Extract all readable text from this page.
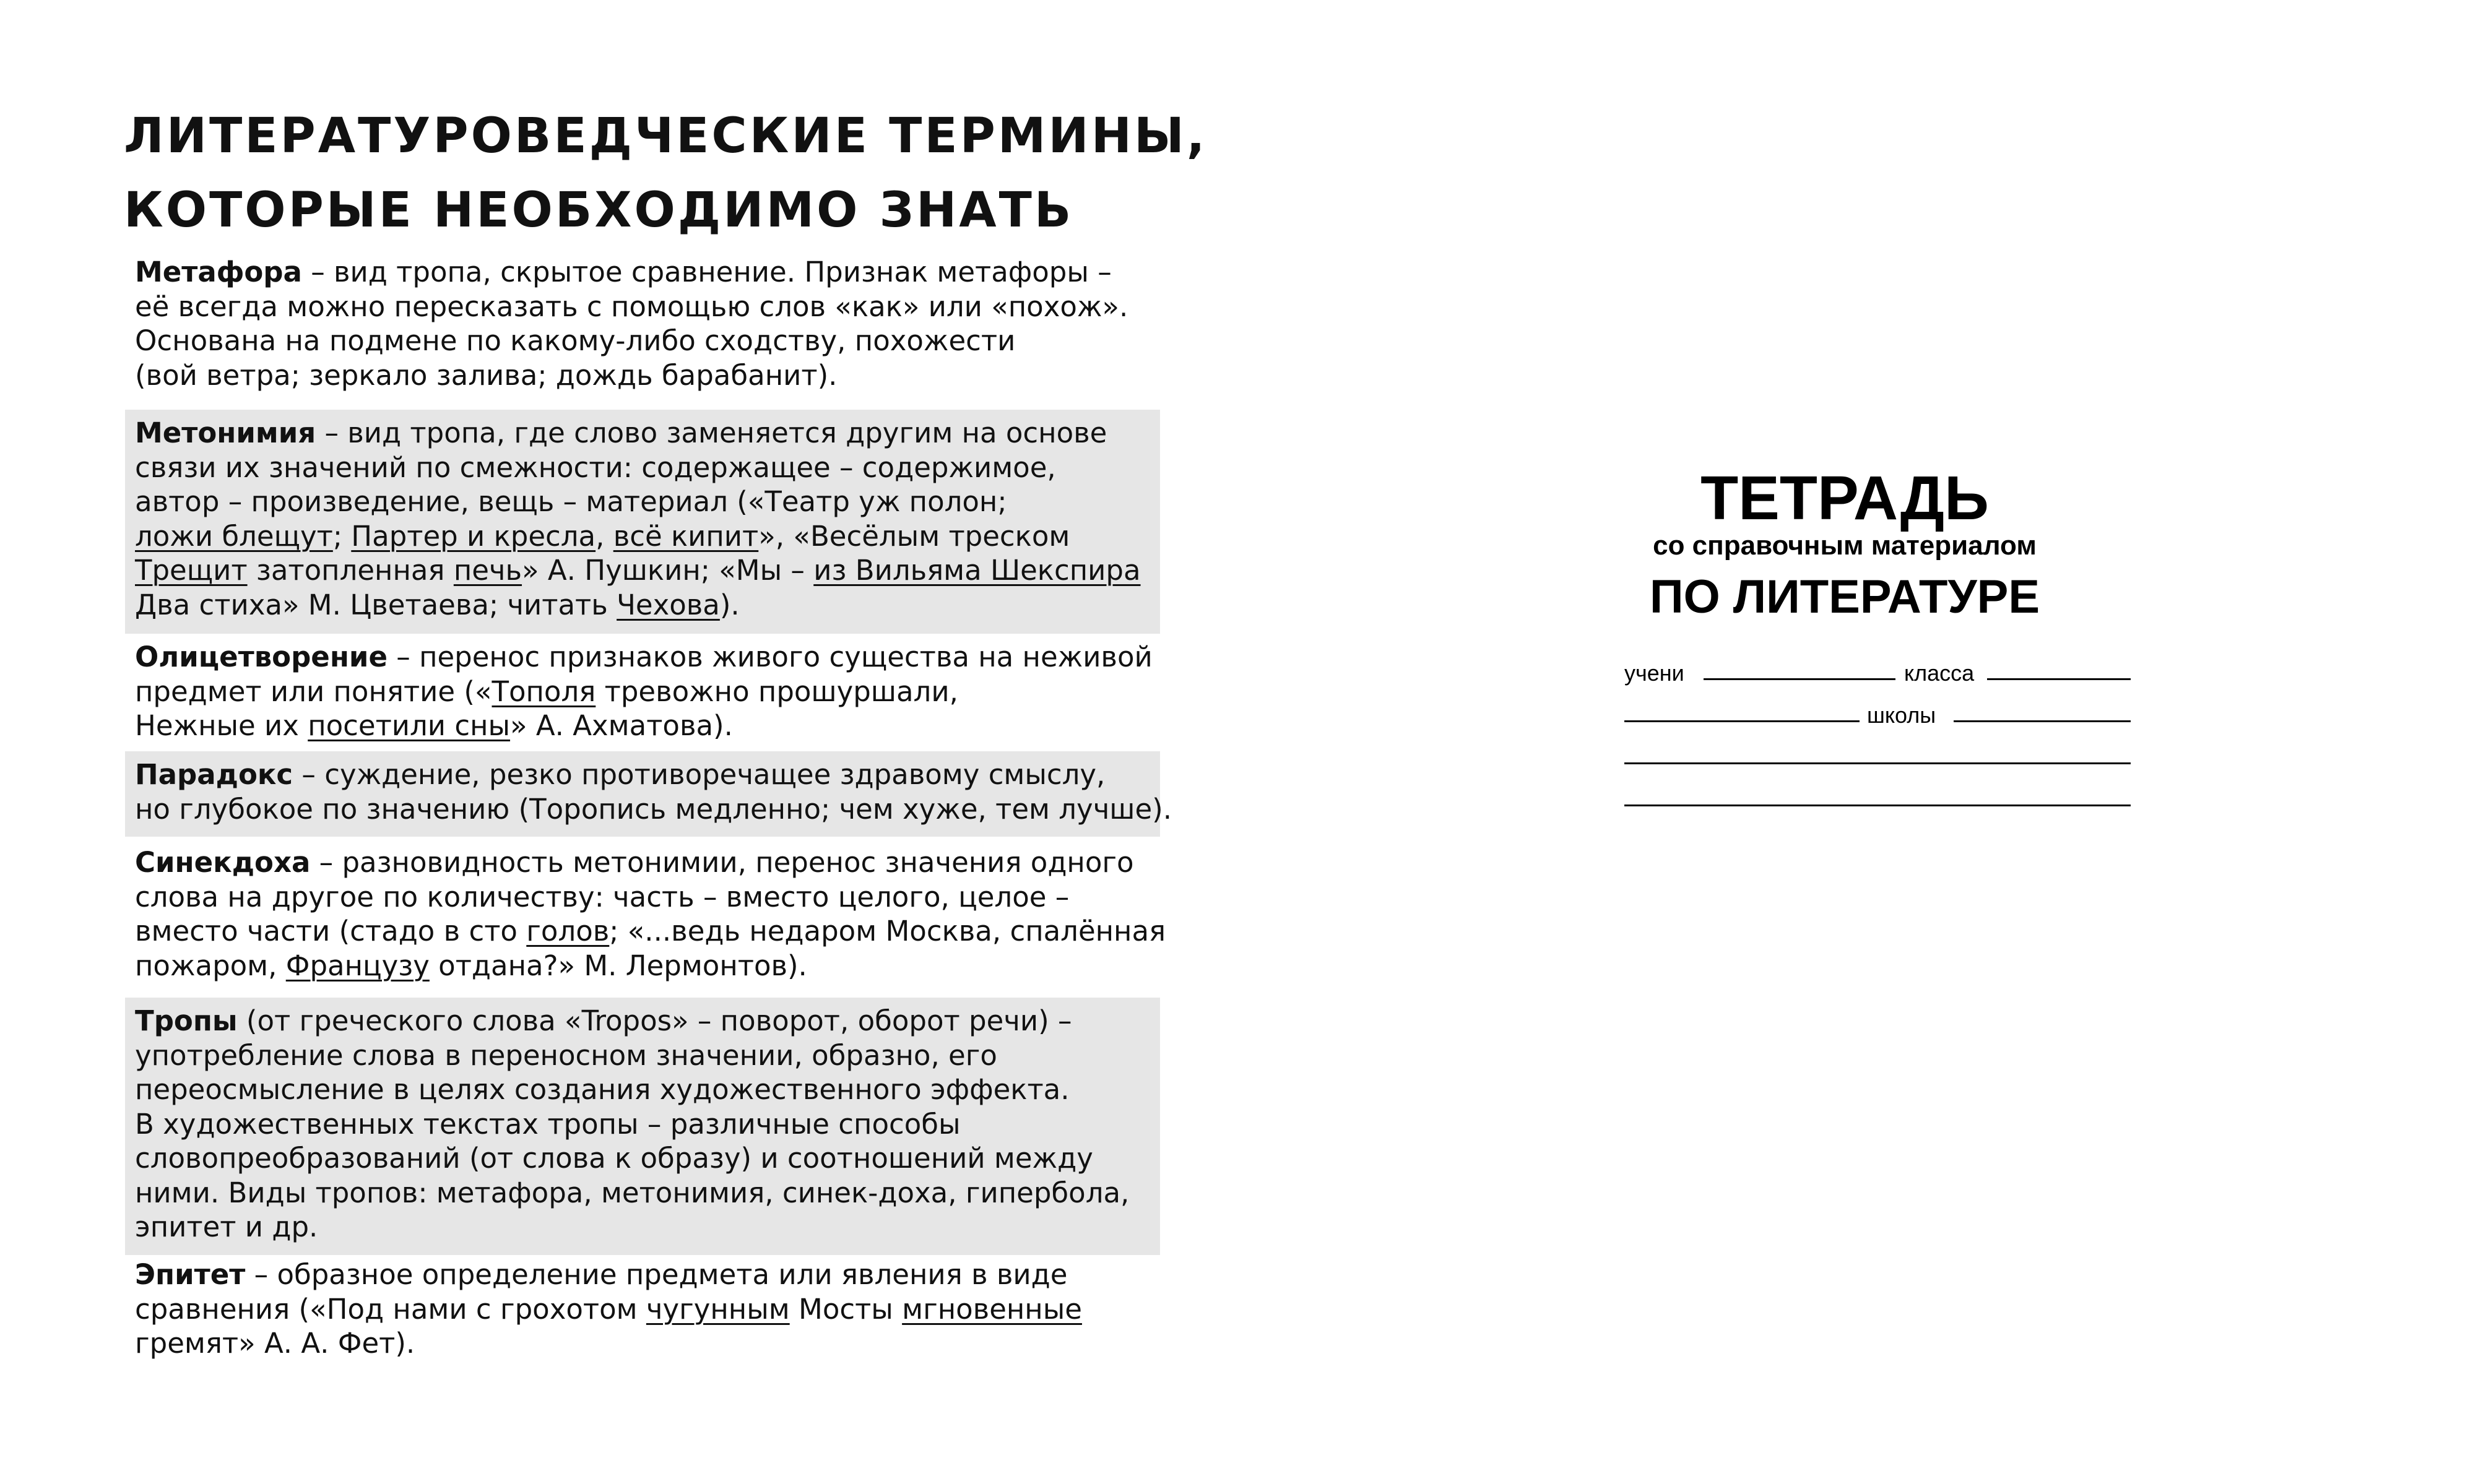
ЛИТЕРАТУРОВЕДЧЕСКИЕ ТЕРМИНЫ,
КОТОРЫЕ НЕОБХОДИМО ЗНАТЬ
Метафора – вид тропа, скрытое сравнение. Признак метафоры –
её всегда можно пересказать с помощью слов «как» или «похож».
Основана на подмене по какому-либо сходству, похожести
(вой ветра; зеркало залива; дождь барабанит).
Метонимия – вид тропа, где слово заменяется другим на основе
связи их значений по смежности: содержащее – содержимое,
автор – произведение, вещь – материал («Театр уж полон;
ложи блещут; Партер и кресла, всё кипит», «Весёлым треском
Трещит затопленная печь» А. Пушкин; «Мы – из Вильяма Шекспира
Два стиха» М. Цветаева; читать Чехова).
Олицетворение – перенос признаков живого существа на неживой
предмет или понятие («Тополя тревожно прошуршали,
Нежные их посетили сны» А. Ахматова).
Парадокс – суждение, резко противоречащее здравому смыслу,
но глубокое по значению (Торопись медленно; чем хуже, тем лучше).
Синекдоха – разновидность метонимии, перенос значения одного
слова на другое по количеству: часть – вместо целого, целое –
вместо части (стадо в сто голов; «...ведь недаром Москва, спалённая
пожаром, Французу отдана?» М. Лермонтов).
Тропы (от греческого слова «Tropos» – поворот, оборот речи) –
употребление слова в переносном значении, образно, его
переосмысление в целях создания художественного эффекта.
В художественных текстах тропы – различные способы
словопреобразований (от слова к образу) и соотношений между
ними. Виды тропов: метафора, метонимия, синек-доха, гипербола,
эпитет и др.
Эпитет – образное определение предмета или явления в виде
сравнения («Под нами с грохотом чугунным Мосты мгновенные
гремят» А. А. Фет).
ТЕТРАДЬ
со справочным материалом
ПО ЛИТЕРАТУРЕ
учени	класса
школы
